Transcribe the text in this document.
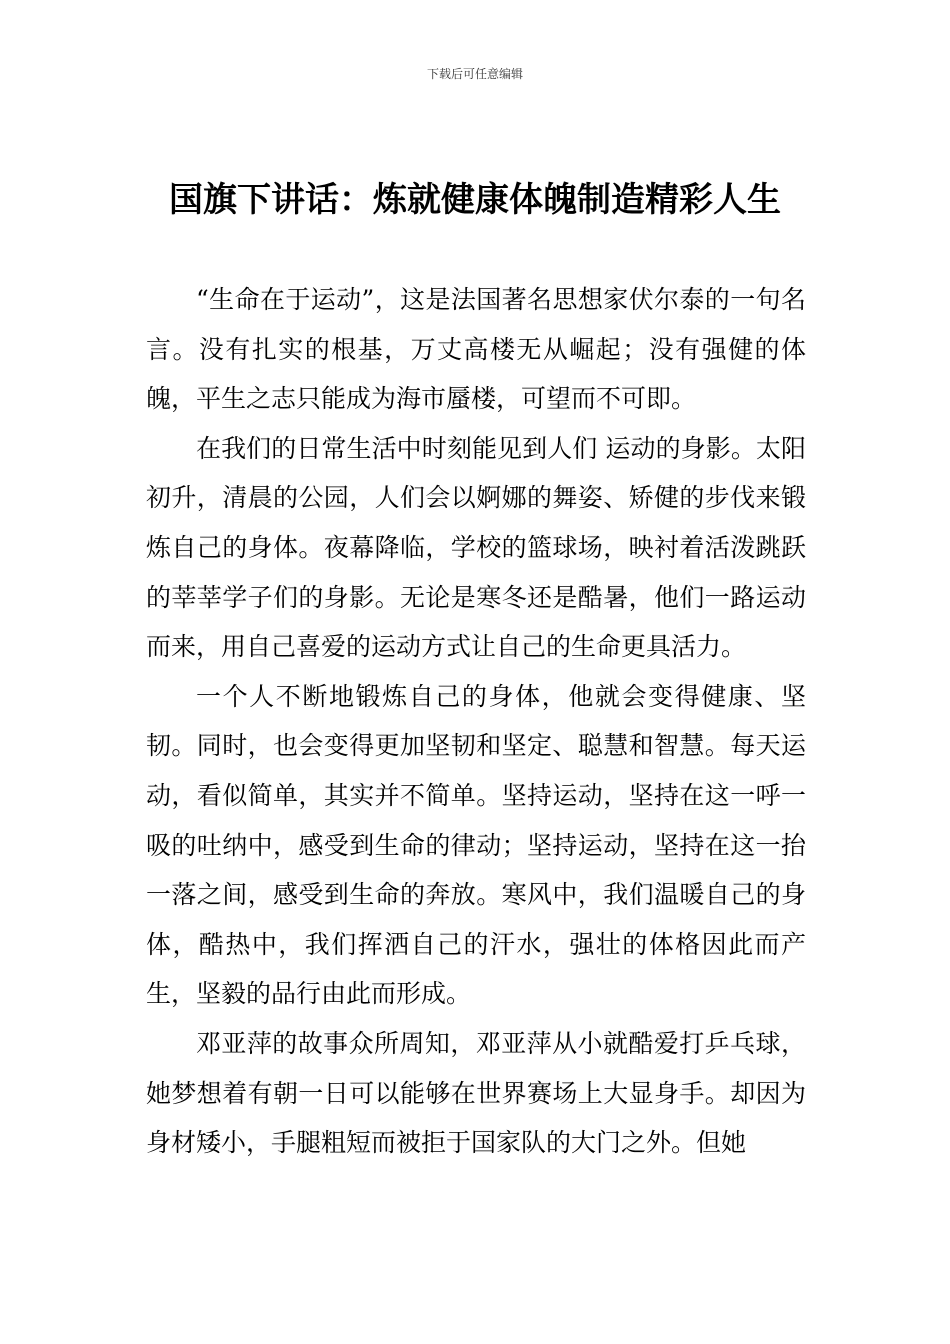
下载后可任意编辑
国旗下讲话：炼就健康体魄制造精彩人生

“生命在于运动”，这是法国著名思想家伏尔泰的一句名言。没有扎实的根基，万丈高楼无从崛起；没有强健的体魄，平生之志只能成为海市蜃楼，可望而不可即。

在我们的日常生活中时刻能见到人们 运动的身影。太阳初升，清晨的公园，人们会以婀娜的舞姿、矫健的步伐来锻炼自己的身体。夜幕降临，学校的篮球场，映衬着活泼跳跃的莘莘学子们的身影。无论是寒冬还是酷暑，他们一路运动而来，用自己喜爱的运动方式让自己的生命更具活力。

一个人不断地锻炼自己的身体，他就会变得健康、坚韧。同时，也会变得更加坚韧和坚定、聪慧和智慧。每天运动，看似简单，其实并不简单。坚持运动，坚持在这一呼一吸的吐纳中，感受到生命的律动；坚持运动，坚持在这一抬一落之间，感受到生命的奔放。寒风中，我们温暖自己的身体，酷热中，我们挥洒自己的汗水，强壮的体格因此而产生，坚毅的品行由此而形成。

邓亚萍的故事众所周知，邓亚萍从小就酷爱打乒乓球，她梦想着有朝一日可以能够在世界赛场上大显身手。却因为身材矮小，手腿粗短而被拒于国家队的大门之外。但她
